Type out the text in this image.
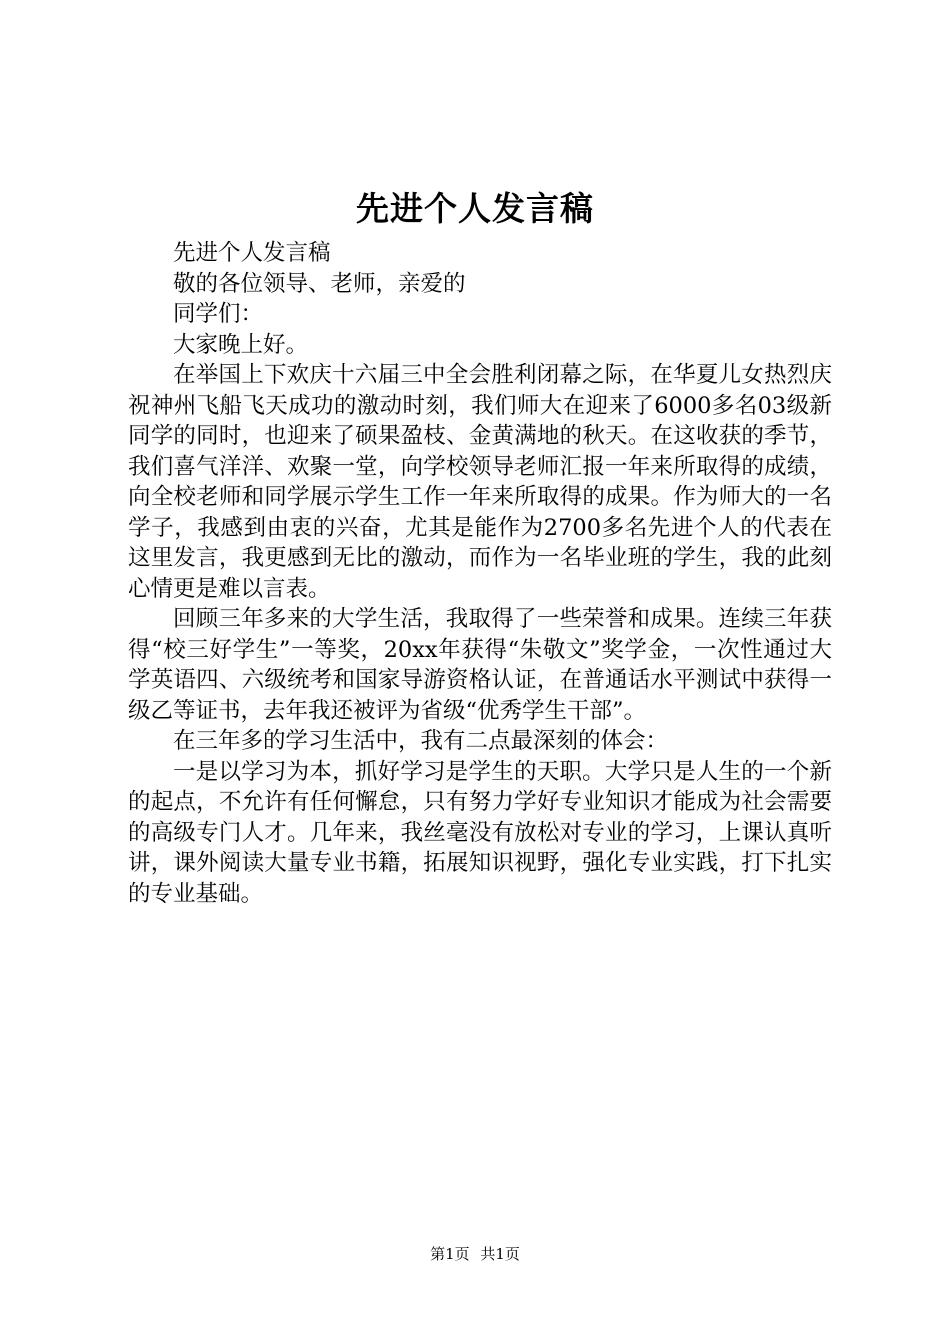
先进个人发言稿

先进个人发言稿

敬的各位领导、老师，亲爱的

同学们：

大家晚上好。

在举国上下欢庆十六届三中全会胜利闭幕之际，在华夏儿女热烈庆祝神州飞船飞天成功的激动时刻，我们师大在迎来了6000多名03级新同学的同时，也迎来了硕果盈枝、金黄满地的秋天。在这收获的季节，我们喜气洋洋、欢聚一堂，向学校领导老师汇报一年来所取得的成绩，向全校老师和同学展示学生工作一年来所取得的成果。作为师大的一名学子，我感到由衷的兴奋，尤其是能作为2700多名先进个人的代表在这里发言，我更感到无比的激动，而作为一名毕业班的学生，我的此刻心情更是难以言表。

回顾三年多来的大学生活，我取得了一些荣誉和成果。连续三年获得“校三好学生”一等奖，20xx年获得“朱敬文”奖学金，一次性通过大学英语四、六级统考和国家导游资格认证，在普通话水平测试中获得一级乙等证书，去年我还被评为省级“优秀学生干部”。

在三年多的学习生活中，我有二点最深刻的体会：

一是以学习为本，抓好学习是学生的天职。大学只是人生的一个新的起点，不允许有任何懈怠，只有努力学好专业知识才能成为社会需要的高级专门人才。几年来，我丝毫没有放松对专业的学习，上课认真听讲，课外阅读大量专业书籍，拓展知识视野，强化专业实践，打下扎实的专业基础。

第1页 共1页
